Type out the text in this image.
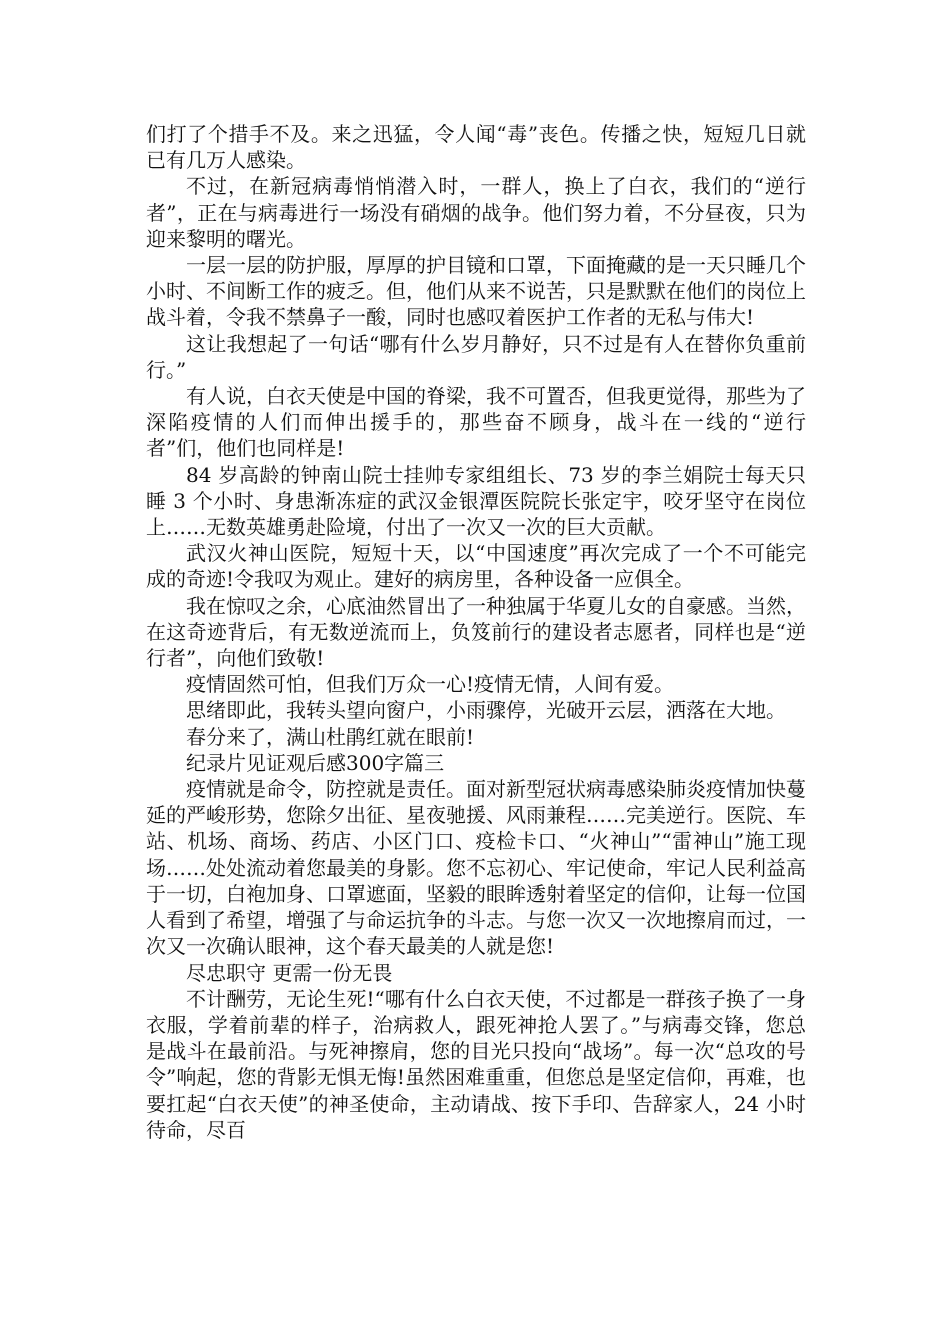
们打了个措手不及。来之迅猛，令人闻“毒”丧色。传播之快，短短几日就已有几万人感染。

不过，在新冠病毒悄悄潜入时，一群人，换上了白衣，我们的“逆行者”，正在与病毒进行一场没有硝烟的战争。他们努力着，不分昼夜，只为迎来黎明的曙光。

一层一层的防护服，厚厚的护目镜和口罩，下面掩藏的是一天只睡几个小时、不间断工作的疲乏。但，他们从来不说苦，只是默默在他们的岗位上战斗着，令我不禁鼻子一酸，同时也感叹着医护工作者的无私与伟大!

这让我想起了一句话“哪有什么岁月静好，只不过是有人在替你负重前行。”

有人说，白衣天使是中国的脊梁，我不可置否，但我更觉得，那些为了深陷疫情的人们而伸出援手的，那些奋不顾身，战斗在一线的“逆行者”们，他们也同样是!

84 岁高龄的钟南山院士挂帅专家组组长、73 岁的李兰娟院士每天只睡 3 个小时、身患渐冻症的武汉金银潭医院院长张定宇，咬牙坚守在岗位上……无数英雄勇赴险境，付出了一次又一次的巨大贡献。

武汉火神山医院，短短十天，以“中国速度”再次完成了一个不可能完成的奇迹!令我叹为观止。建好的病房里，各种设备一应俱全。

我在惊叹之余，心底油然冒出了一种独属于华夏儿女的自豪感。当然，在这奇迹背后，有无数逆流而上，负笈前行的建设者志愿者，同样也是“逆行者”，向他们致敬!

疫情固然可怕，但我们万众一心!疫情无情，人间有爱。

思绪即此，我转头望向窗户，小雨骤停，光破开云层，洒落在大地。

春分来了，满山杜鹃红就在眼前!

纪录片见证观后感300字篇三

疫情就是命令，防控就是责任。面对新型冠状病毒感染肺炎疫情加快蔓延的严峻形势，您除夕出征、星夜驰援、风雨兼程……完美逆行。医院、车站、机场、商场、药店、小区门口、疫检卡口、“火神山”“雷神山”施工现场……处处流动着您最美的身影。您不忘初心、牢记使命，牢记人民利益高于一切，白袍加身、口罩遮面，坚毅的眼眸透射着坚定的信仰，让每一位国人看到了希望，增强了与命运抗争的斗志。与您一次又一次地擦肩而过，一次又一次确认眼神，这个春天最美的人就是您!

尽忠职守 更需一份无畏

不计酬劳，无论生死!“哪有什么白衣天使，不过都是一群孩子换了一身衣服，学着前辈的样子，治病救人，跟死神抢人罢了。”与病毒交锋，您总是战斗在最前沿。与死神擦肩，您的目光只投向“战场”。每一次“总攻的号令”响起，您的背影无惧无悔!虽然困难重重，但您总是坚定信仰，再难，也要扛起“白衣天使”的神圣使命，主动请战、按下手印、告辞家人，24 小时待命，尽百
